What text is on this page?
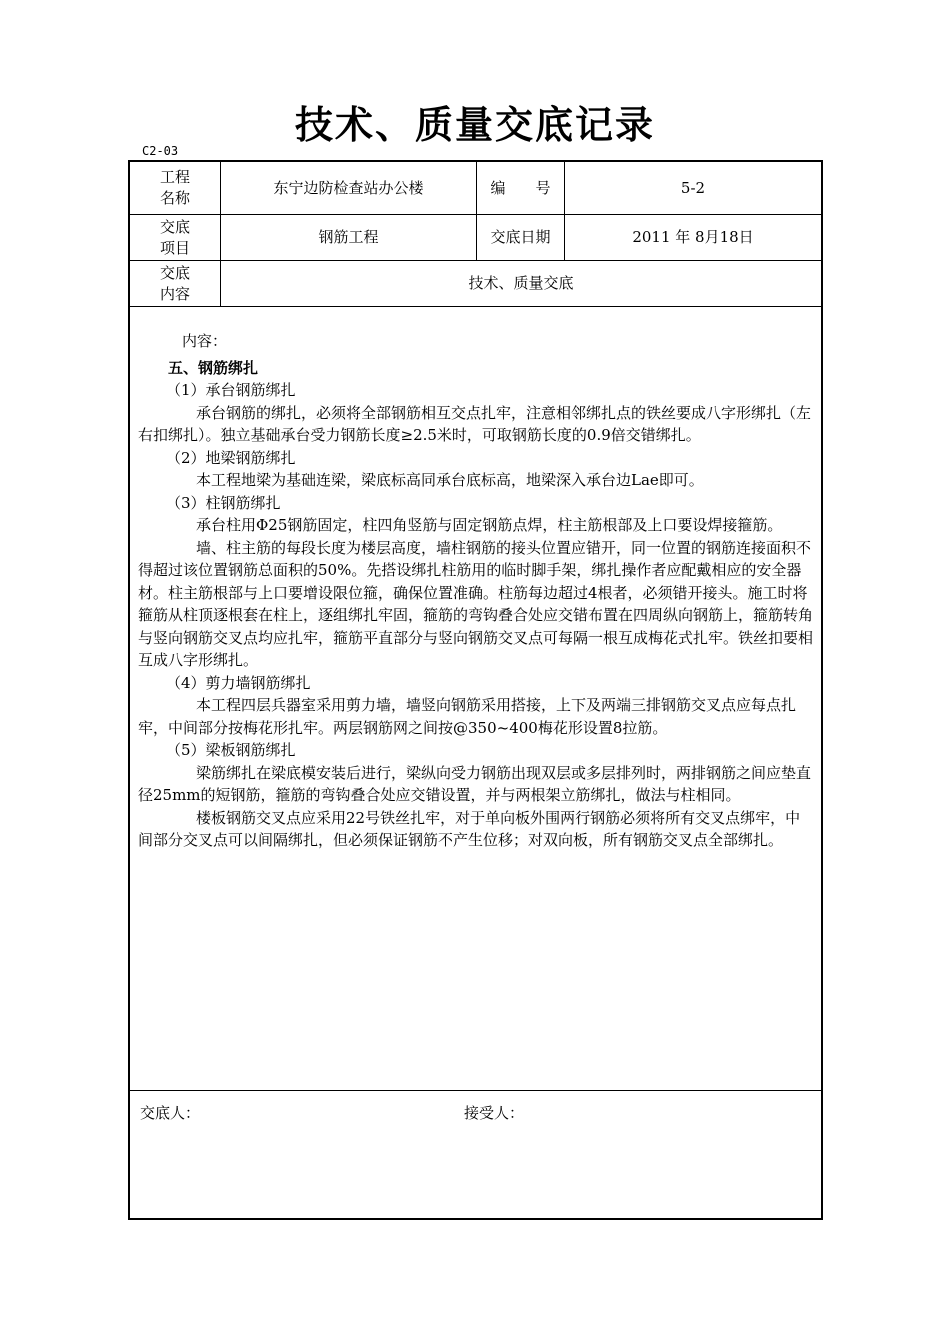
技术、质量交底记录
C2-03
工程
名称
东宁边防检查站办公楼	编　　号	5-2
交底
项目
钢筋工程	交底日期	2011 年 8月18日
交底
内容
技术、质量交底

内容：

五、钢筋绑扎

（1）承台钢筋绑扎

承台钢筋的绑扎，必须将全部钢筋相互交点扎牢，注意相邻绑扎点的铁丝要成八字形绑扎（左右扣绑扎）。独立基础承台受力钢筋长度≥2.5米时，可取钢筋长度的0.9倍交错绑扎。

（2）地梁钢筋绑扎

本工程地梁为基础连梁，梁底标高同承台底标高，地梁深入承台边Lae即可。

（3）柱钢筋绑扎

承台柱用Φ25钢筋固定，柱四角竖筋与固定钢筋点焊，柱主筋根部及上口要设焊接箍筋。

墙、柱主筋的每段长度为楼层高度，墙柱钢筋的接头位置应错开，同一位置的钢筋连接面积不得超过该位置钢筋总面积的50%。先搭设绑扎柱筋用的临时脚手架，绑扎操作者应配戴相应的安全器材。柱主筋根部与上口要增设限位箍，确保位置准确。柱筋每边超过4根者，必须错开接头。施工时将箍筋从柱顶逐根套在柱上，逐组绑扎牢固，箍筋的弯钩叠合处应交错布置在四周纵向钢筋上，箍筋转角与竖向钢筋交叉点均应扎牢，箍筋平直部分与竖向钢筋交叉点可每隔一根互成梅花式扎牢。铁丝扣要相互成八字形绑扎。

（4）剪力墙钢筋绑扎

本工程四层兵器室采用剪力墙，墙竖向钢筋采用搭接，上下及两端三排钢筋交叉点应每点扎牢，中间部分按梅花形扎牢。两层钢筋网之间按@350~400梅花形设置8拉筋。

（5）梁板钢筋绑扎

梁筋绑扎在梁底模安装后进行，梁纵向受力钢筋出现双层或多层排列时，两排钢筋之间应垫直径25mm的短钢筋，箍筋的弯钩叠合处应交错设置，并与两根架立筋绑扎，做法与柱相同。

楼板钢筋交叉点应采用22号铁丝扎牢，对于单向板外围两行钢筋必须将所有交叉点绑牢，中间部分交叉点可以间隔绑扎，但必须保证钢筋不产生位移；对双向板，所有钢筋交叉点全部绑扎。

交底人：	接受人：
